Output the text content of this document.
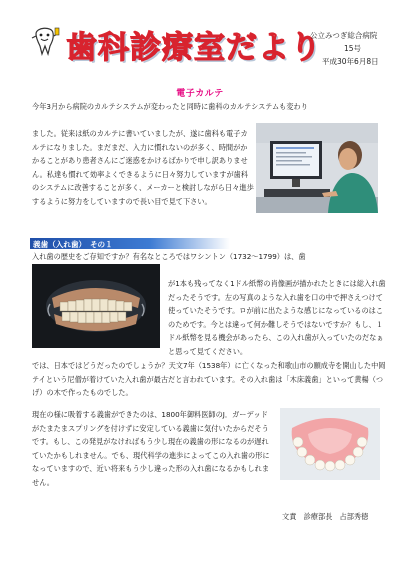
歯科診療室だより
公立みつぎ総合病院
15号
平成30年6月8日
電子カルテ
今年3月から病院のカルテシステムが変わったと同時に歯科のカルテシステムも変わり
ました。従来は紙のカルテに書いていましたが、遂に歯科も電子カルテになりました。まだまだ、入力に慣れないのが多く、時間がかかることがあり患者さんにご迷惑をかけるばかりで申し訳ありません。私達も慣れて効率よくできるように日々努力していますが歯科のシステムに改善することが多く、メーカーと検討しながら日々進歩するように努力をしていますので長い目で見て下さい。
義歯（入れ歯）　その１
入れ歯の歴史をご存知ですか？有名なところではワシントン（1732～1799）は、歯
が1本も残ってなく1ドル紙幣の肖像画が描かれたときには総入れ歯だったそうです。左の写真のような入れ歯を口の中で押さえつけて使っていたそうです。ロが前に出たような感じになっているのはこのためです。今とは違って何か難しそうではないですか？もし、１ドル紙幣を見る機会があったら、この入れ歯が入っていたのだなぁと思って見てください。
では、日本ではどうだったのでしょうか？天文7年（1538年）に亡くなった和歌山市の願成寺を開山した中岡テイという尼僧が着けていた入れ歯が最古だと言われています。その入れ歯は「木床義歯」といって黄楊（つげ）の木で作ったものでした。
現在の様に吸着する義歯ができたのは、1800年御料医師のJ．ガーデッドがたまたまスプリングを付けずに安定している義歯に気付いたからだそうです。もし、この発見がなければもう少し現在の義歯の形になるのが遅れていたかもしれません。でも、現代科学の進歩によってこの入れ歯の形になっていますので、近い将来もう少し違った形の入れ歯になるかもしれません。
文責　診療部長　占部秀徳
